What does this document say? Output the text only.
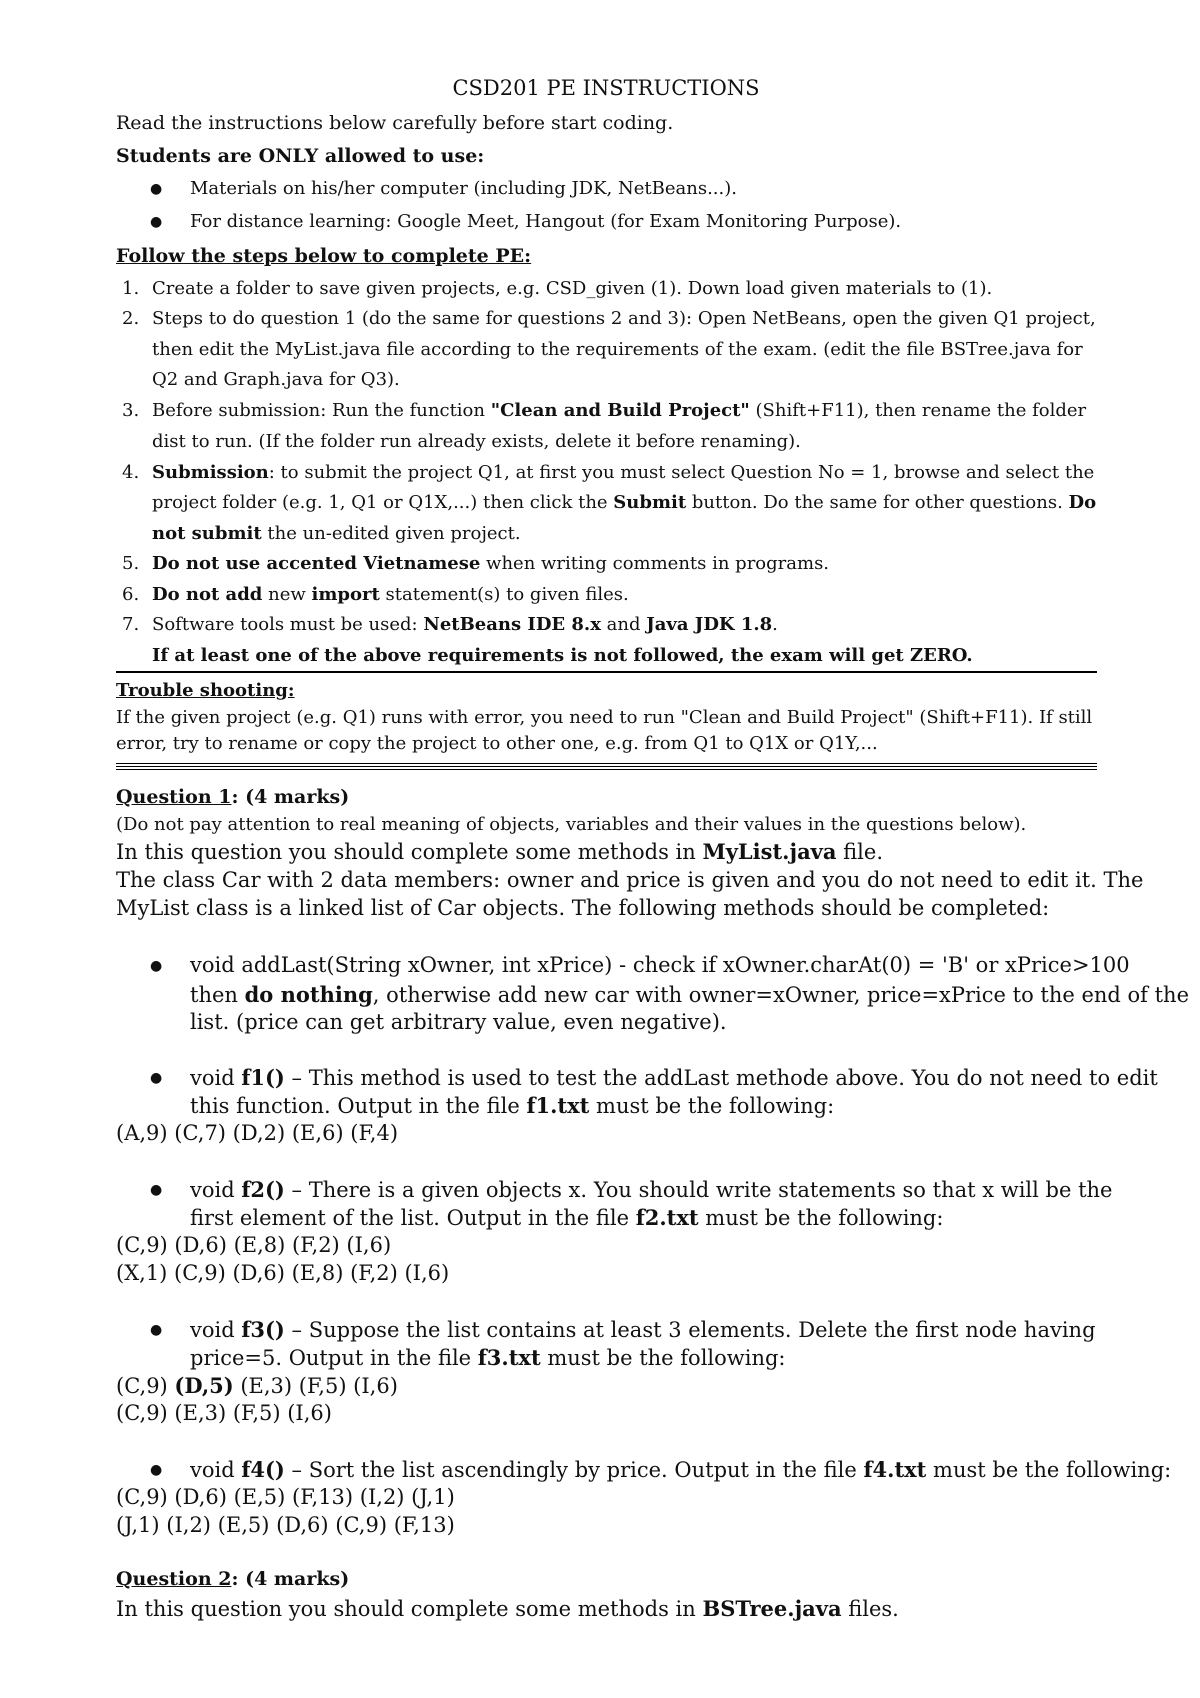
CSD201 PE INSTRUCTIONS
Read the instructions below carefully before start coding.
Students are ONLY allowed to use:
● Materials on his/her computer (including JDK, NetBeans...).
● For distance learning: Google Meet, Hangout (for Exam Monitoring Purpose).
Follow the steps below to complete PE:
1. Create a folder to save given projects, e.g. CSD_given (1). Down load given materials to (1).
2. Steps to do question 1 (do the same for questions 2 and 3): Open NetBeans, open the given Q1 project,
then edit the MyList.java file according to the requirements of the exam. (edit the file BSTree.java for
Q2 and Graph.java for Q3).
3. Before submission: Run the function "Clean and Build Project" (Shift+F11), then rename the folder
dist to run. (If the folder run already exists, delete it before renaming).
4. Submission: to submit the project Q1, at first you must select Question No = 1, browse and select the
project folder (e.g. 1, Q1 or Q1X,...) then click the Submit button. Do the same for other questions. Do
not submit the un-edited given project.
5. Do not use accented Vietnamese when writing comments in programs.
6. Do not add new import statement(s) to given files.
7. Software tools must be used: NetBeans IDE 8.x and Java JDK 1.8.
If at least one of the above requirements is not followed, the exam will get ZERO.
Trouble shooting:
If the given project (e.g. Q1) runs with error, you need to run "Clean and Build Project" (Shift+F11). If still
error, try to rename or copy the project to other one, e.g. from Q1 to Q1X or Q1Y,...
Question 1: (4 marks)
(Do not pay attention to real meaning of objects, variables and their values in the questions below).
In this question you should complete some methods in MyList.java file.
The class Car with 2 data members: owner and price is given and you do not need to edit it. The
MyList class is a linked list of Car objects. The following methods should be completed:
● void addLast(String xOwner, int xPrice) - check if xOwner.charAt(0) = 'B' or xPrice>100
then do nothing, otherwise add new car with owner=xOwner, price=xPrice to the end of the
list. (price can get arbitrary value, even negative).
● void f1() – This method is used to test the addLast methode above. You do not need to edit
this function. Output in the file f1.txt must be the following:
(A,9) (C,7) (D,2) (E,6) (F,4)
● void f2() – There is a given objects x. You should write statements so that x will be the
first element of the list. Output in the file f2.txt must be the following:
(C,9) (D,6) (E,8) (F,2) (I,6)
(X,1) (C,9) (D,6) (E,8) (F,2) (I,6)
● void f3() – Suppose the list contains at least 3 elements. Delete the first node having
price=5. Output in the file f3.txt must be the following:
(C,9) (D,5) (E,3) (F,5) (I,6)
(C,9) (E,3) (F,5) (I,6)
● void f4() – Sort the list ascendingly by price. Output in the file f4.txt must be the following:
(C,9) (D,6) (E,5) (F,13) (I,2) (J,1)
(J,1) (I,2) (E,5) (D,6) (C,9) (F,13)
Question 2: (4 marks)
In this question you should complete some methods in BSTree.java files.
